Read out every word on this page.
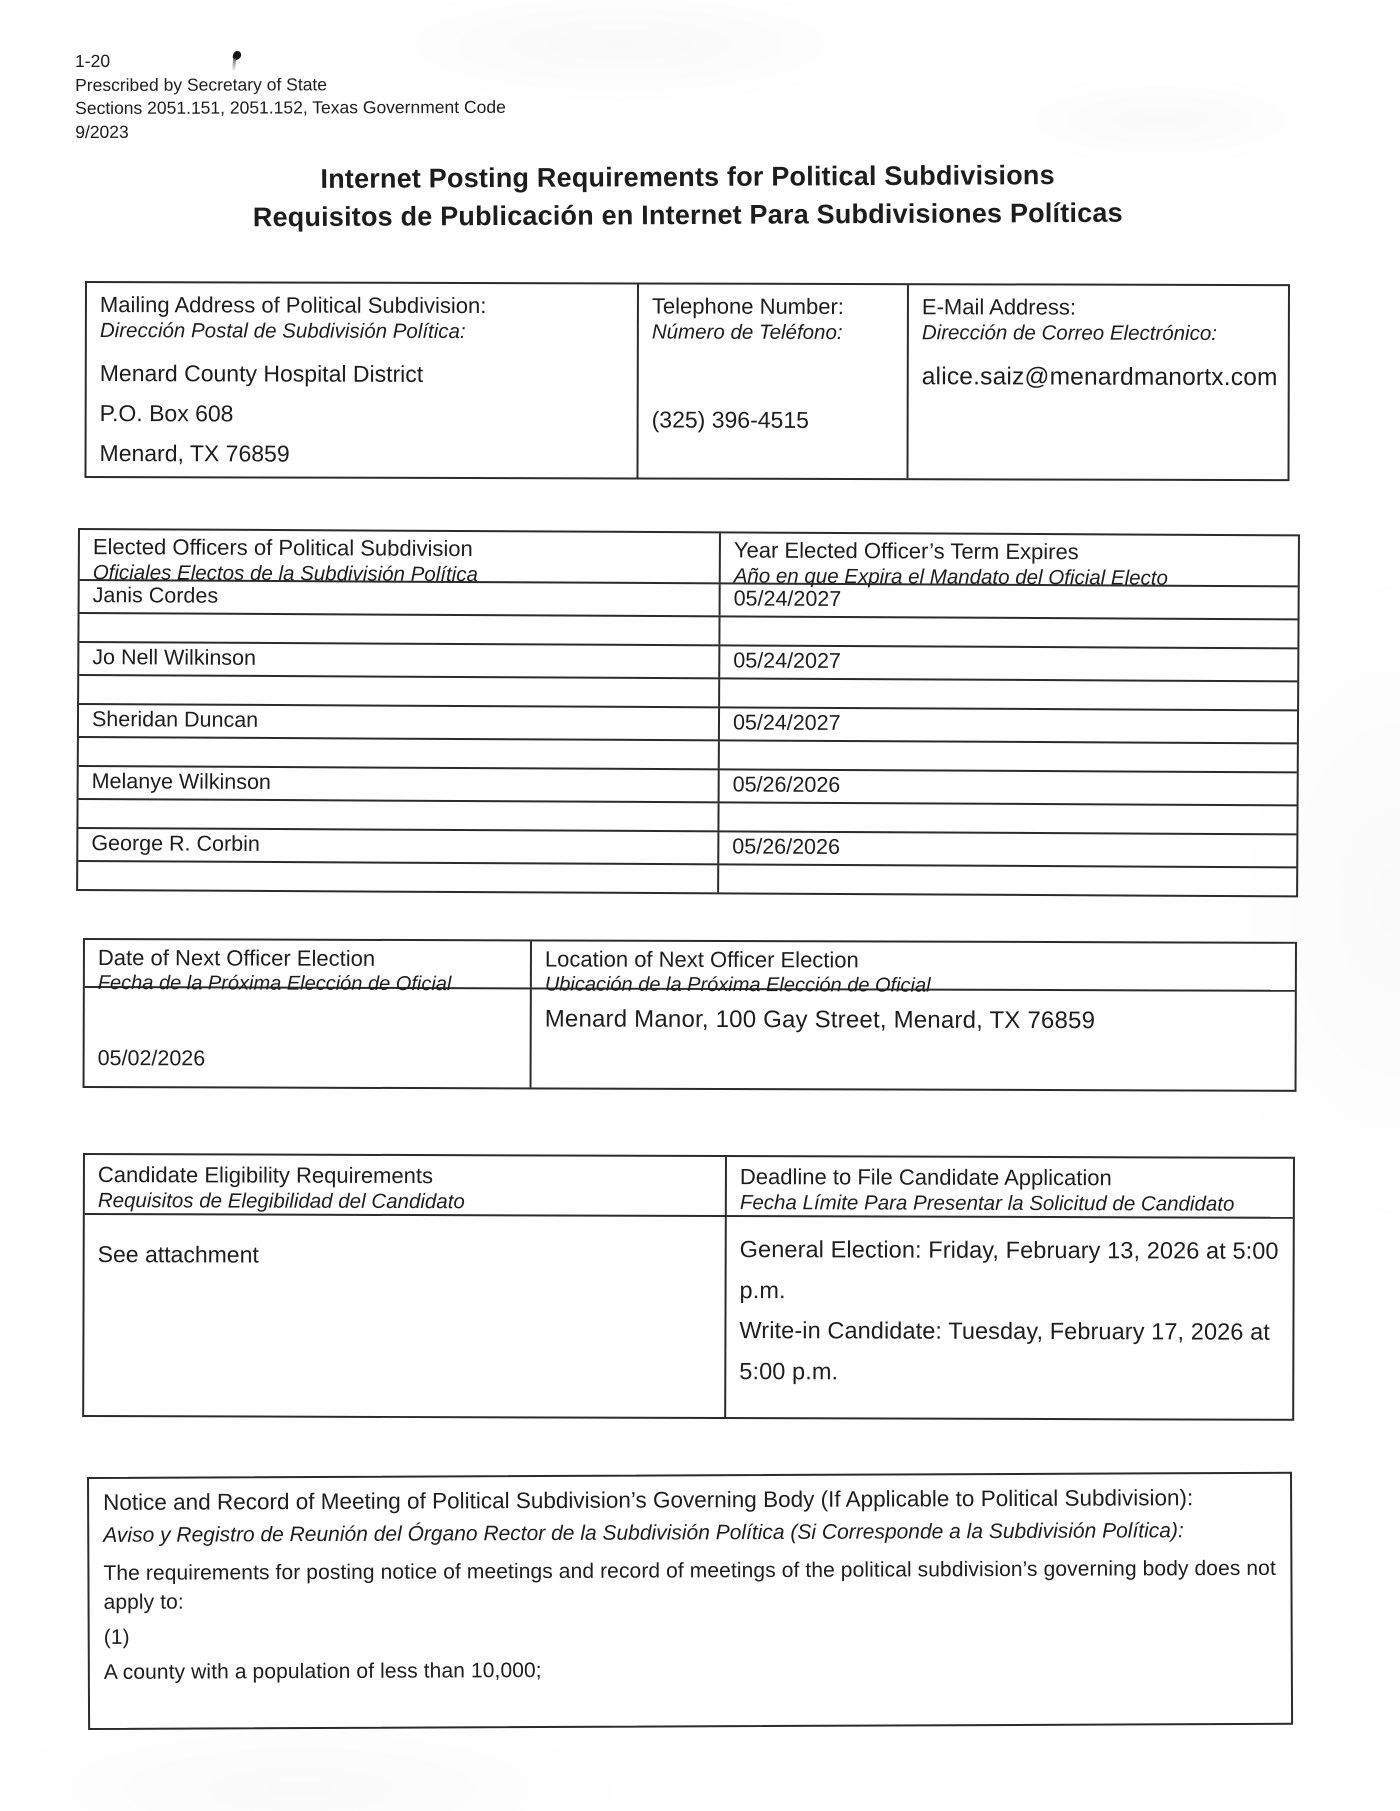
1-20
Prescribed by Secretary of State
Sections 2051.151, 2051.152, Texas Government Code
9/2023
Internet Posting Requirements for Political Subdivisions
Requisitos de Publicación en Internet Para Subdivisiones Políticas
Mailing Address of Political Subdivision:
Dirección Postal de Subdivisión Política:
Menard County Hospital District
P.O. Box 608
Menard, TX 76859
Telephone Number:
Número de Teléfono:
(325) 396-4515
E-Mail Address:
Dirección de Correo Electrónico:
alice.saiz@menardmanortx.com
Elected Officers of Political Subdivision
Oficiales Electos de la Subdivisión Política
Year Elected Officer’s Term Expires
Año en que Expira el Mandato del Oficial Electo
Janis Cordes	05/24/2027
Jo Nell Wilkinson	05/24/2027
Sheridan Duncan	05/24/2027
Melanye Wilkinson	05/26/2026
George R. Corbin	05/26/2026
Date of Next Officer Election
Fecha de la Próxima Elección de Oficial
Location of Next Officer Election
Ubicación de la Próxima Elección de Oficial
05/02/2026
Menard Manor, 100 Gay Street, Menard, TX 76859
Candidate Eligibility Requirements
Requisitos de Elegibilidad del Candidato
Deadline to File Candidate Application
Fecha Límite Para Presentar la Solicitud de Candidato
See attachment	General Election: Friday, February 13, 2026 at 5:00 p.m.
Write-in Candidate: Tuesday, February 17, 2026 at 5:00 p.m.
Notice and Record of Meeting of Political Subdivision’s Governing Body (If Applicable to Political Subdivision):
Aviso y Registro de Reunión del Órgano Rector de la Subdivisión Política (Si Corresponde a la Subdivisión Política):
The requirements for posting notice of meetings and record of meetings of the political subdivision’s governing body does not apply to:
(1)
A county with a population of less than 10,000;
